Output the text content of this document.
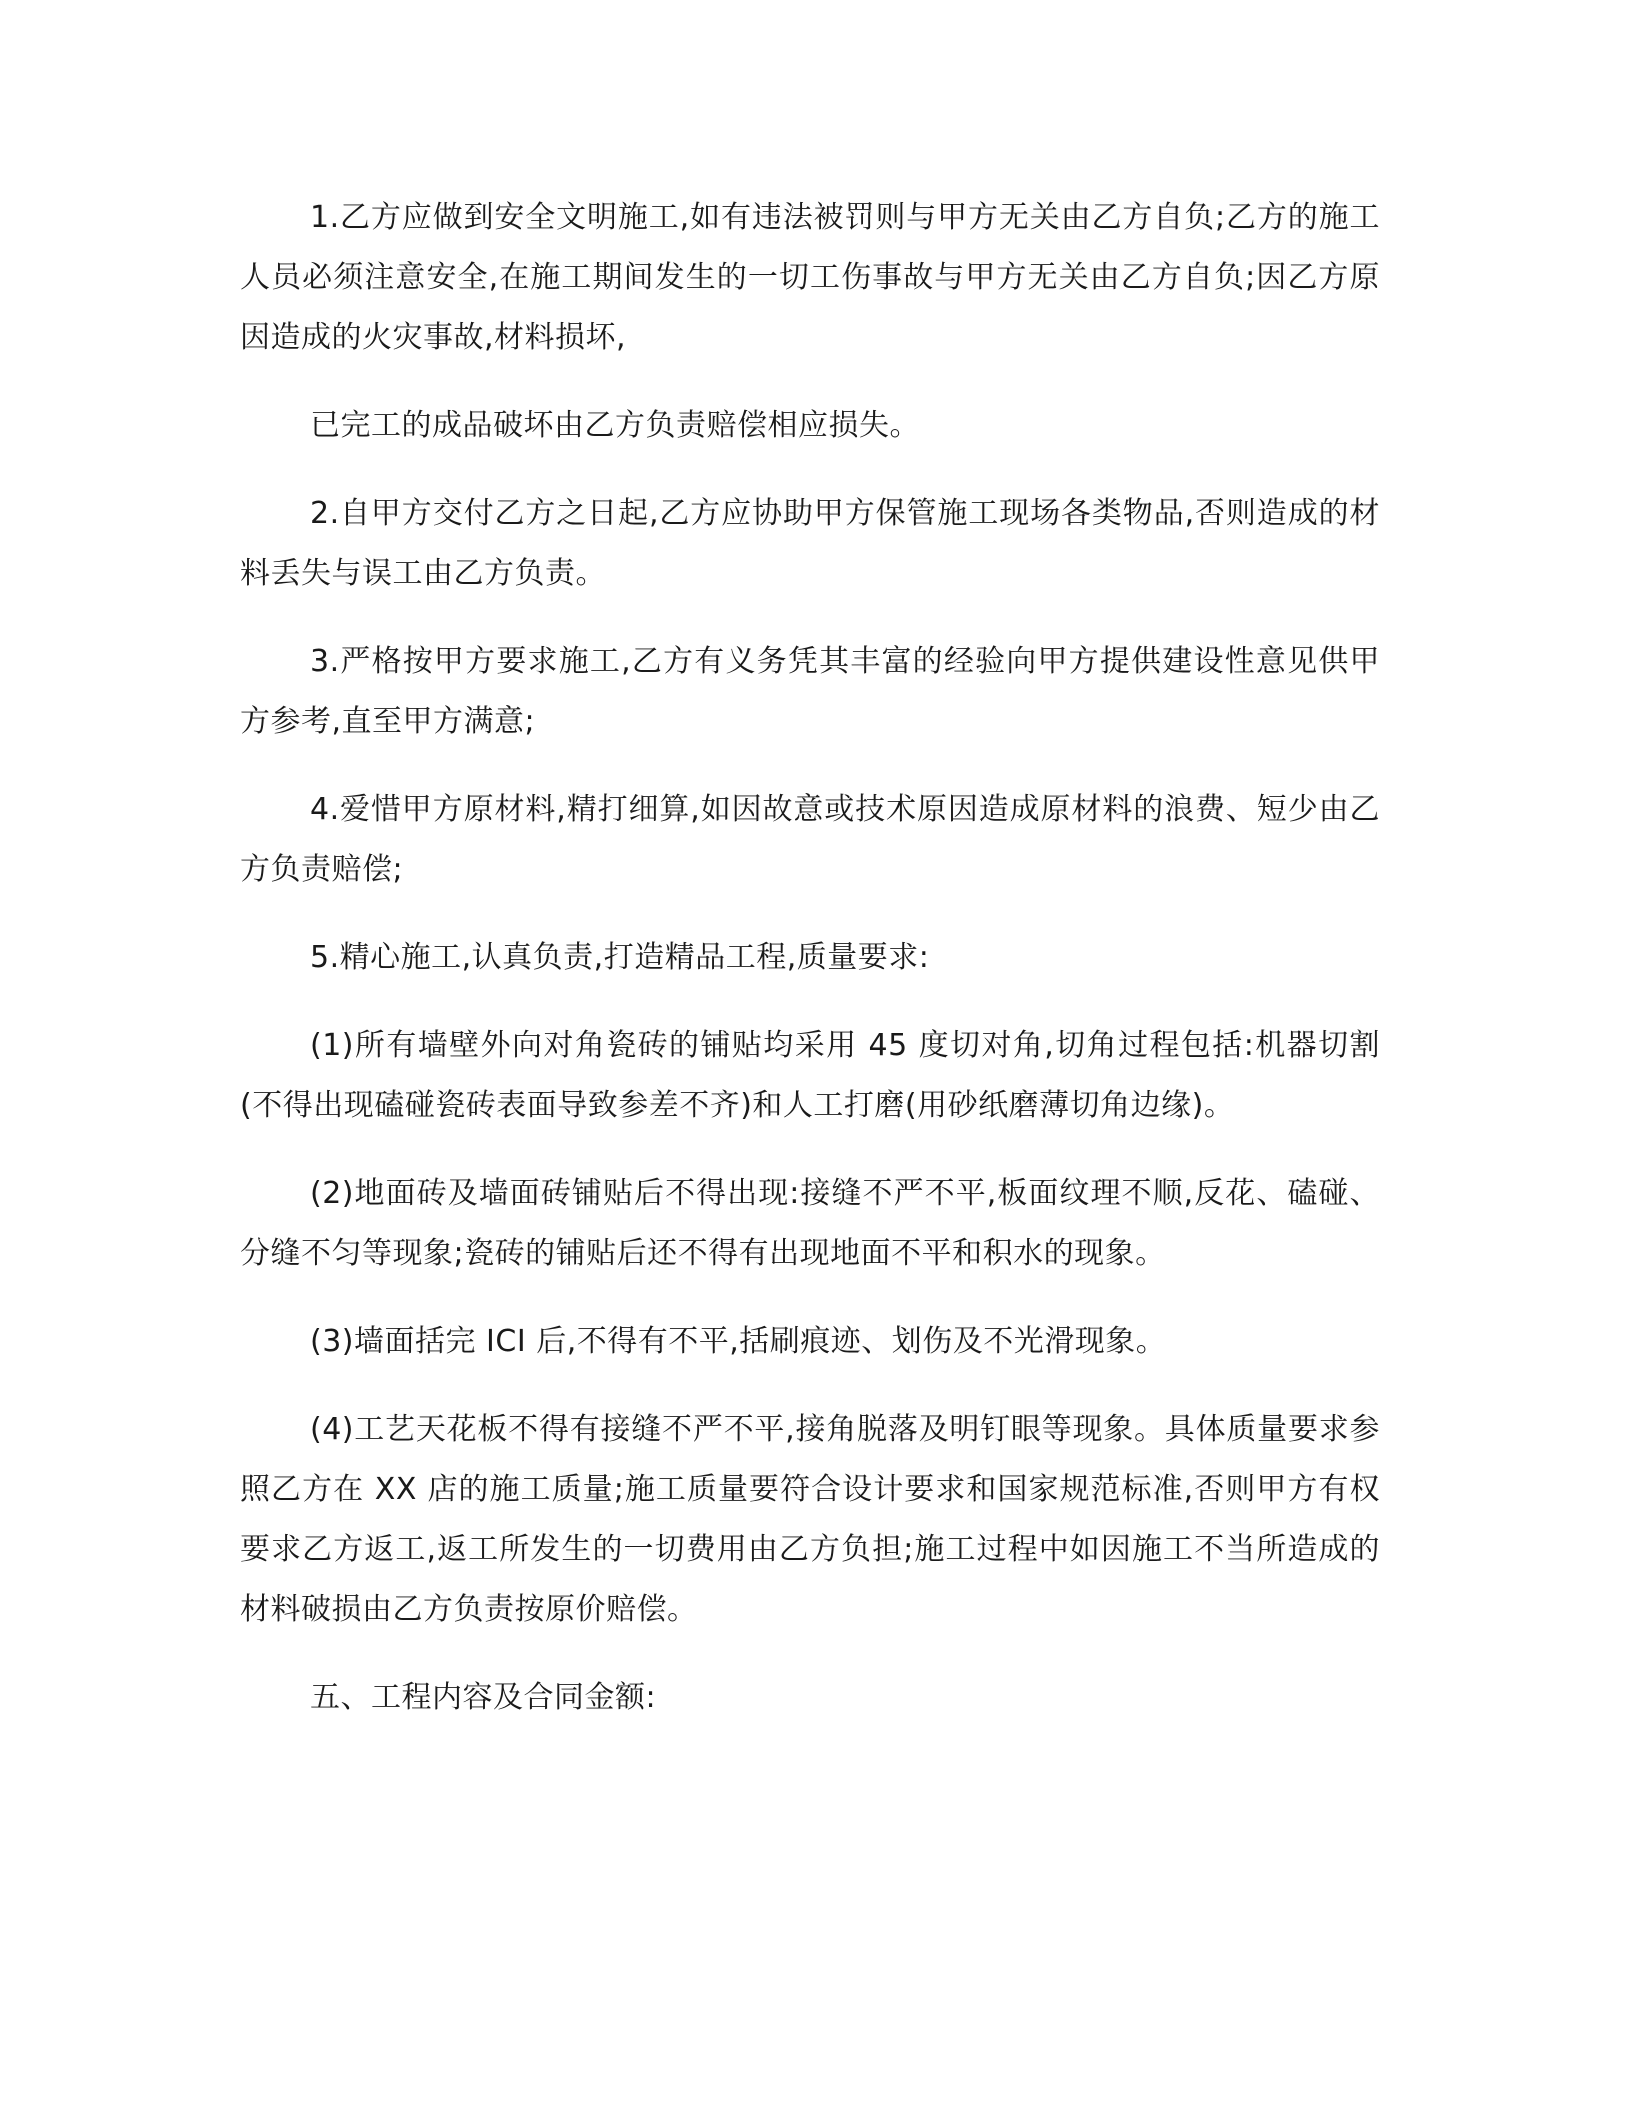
1.乙方应做到安全文明施工,如有违法被罚则与甲方无关由乙方自负;乙方的施工人员必须注意安全,在施工期间发生的一切工伤事故与甲方无关由乙方自负;因乙方原因造成的火灾事故,材料损坏,

已完工的成品破坏由乙方负责赔偿相应损失。

2.自甲方交付乙方之日起,乙方应协助甲方保管施工现场各类物品,否则造成的材料丢失与误工由乙方负责。

3.严格按甲方要求施工,乙方有义务凭其丰富的经验向甲方提供建设性意见供甲方参考,直至甲方满意;

4.爱惜甲方原材料,精打细算,如因故意或技术原因造成原材料的浪费、短少由乙方负责赔偿;

5.精心施工,认真负责,打造精品工程,质量要求:

(1)所有墙壁外向对角瓷砖的铺贴均采用 45 度切对角,切角过程包括:机器切割(不得出现磕碰瓷砖表面导致参差不齐)和人工打磨(用砂纸磨薄切角边缘)。

(2)地面砖及墙面砖铺贴后不得出现:接缝不严不平,板面纹理不顺,反花、磕碰、分缝不匀等现象;瓷砖的铺贴后还不得有出现地面不平和积水的现象。

(3)墙面括完 ICI 后,不得有不平,括刷痕迹、划伤及不光滑现象。

(4)工艺天花板不得有接缝不严不平,接角脱落及明钉眼等现象。具体质量要求参照乙方在 XX 店的施工质量;施工质量要符合设计要求和国家规范标准,否则甲方有权要求乙方返工,返工所发生的一切费用由乙方负担;施工过程中如因施工不当所造成的材料破损由乙方负责按原价赔偿。

五、工程内容及合同金额:
